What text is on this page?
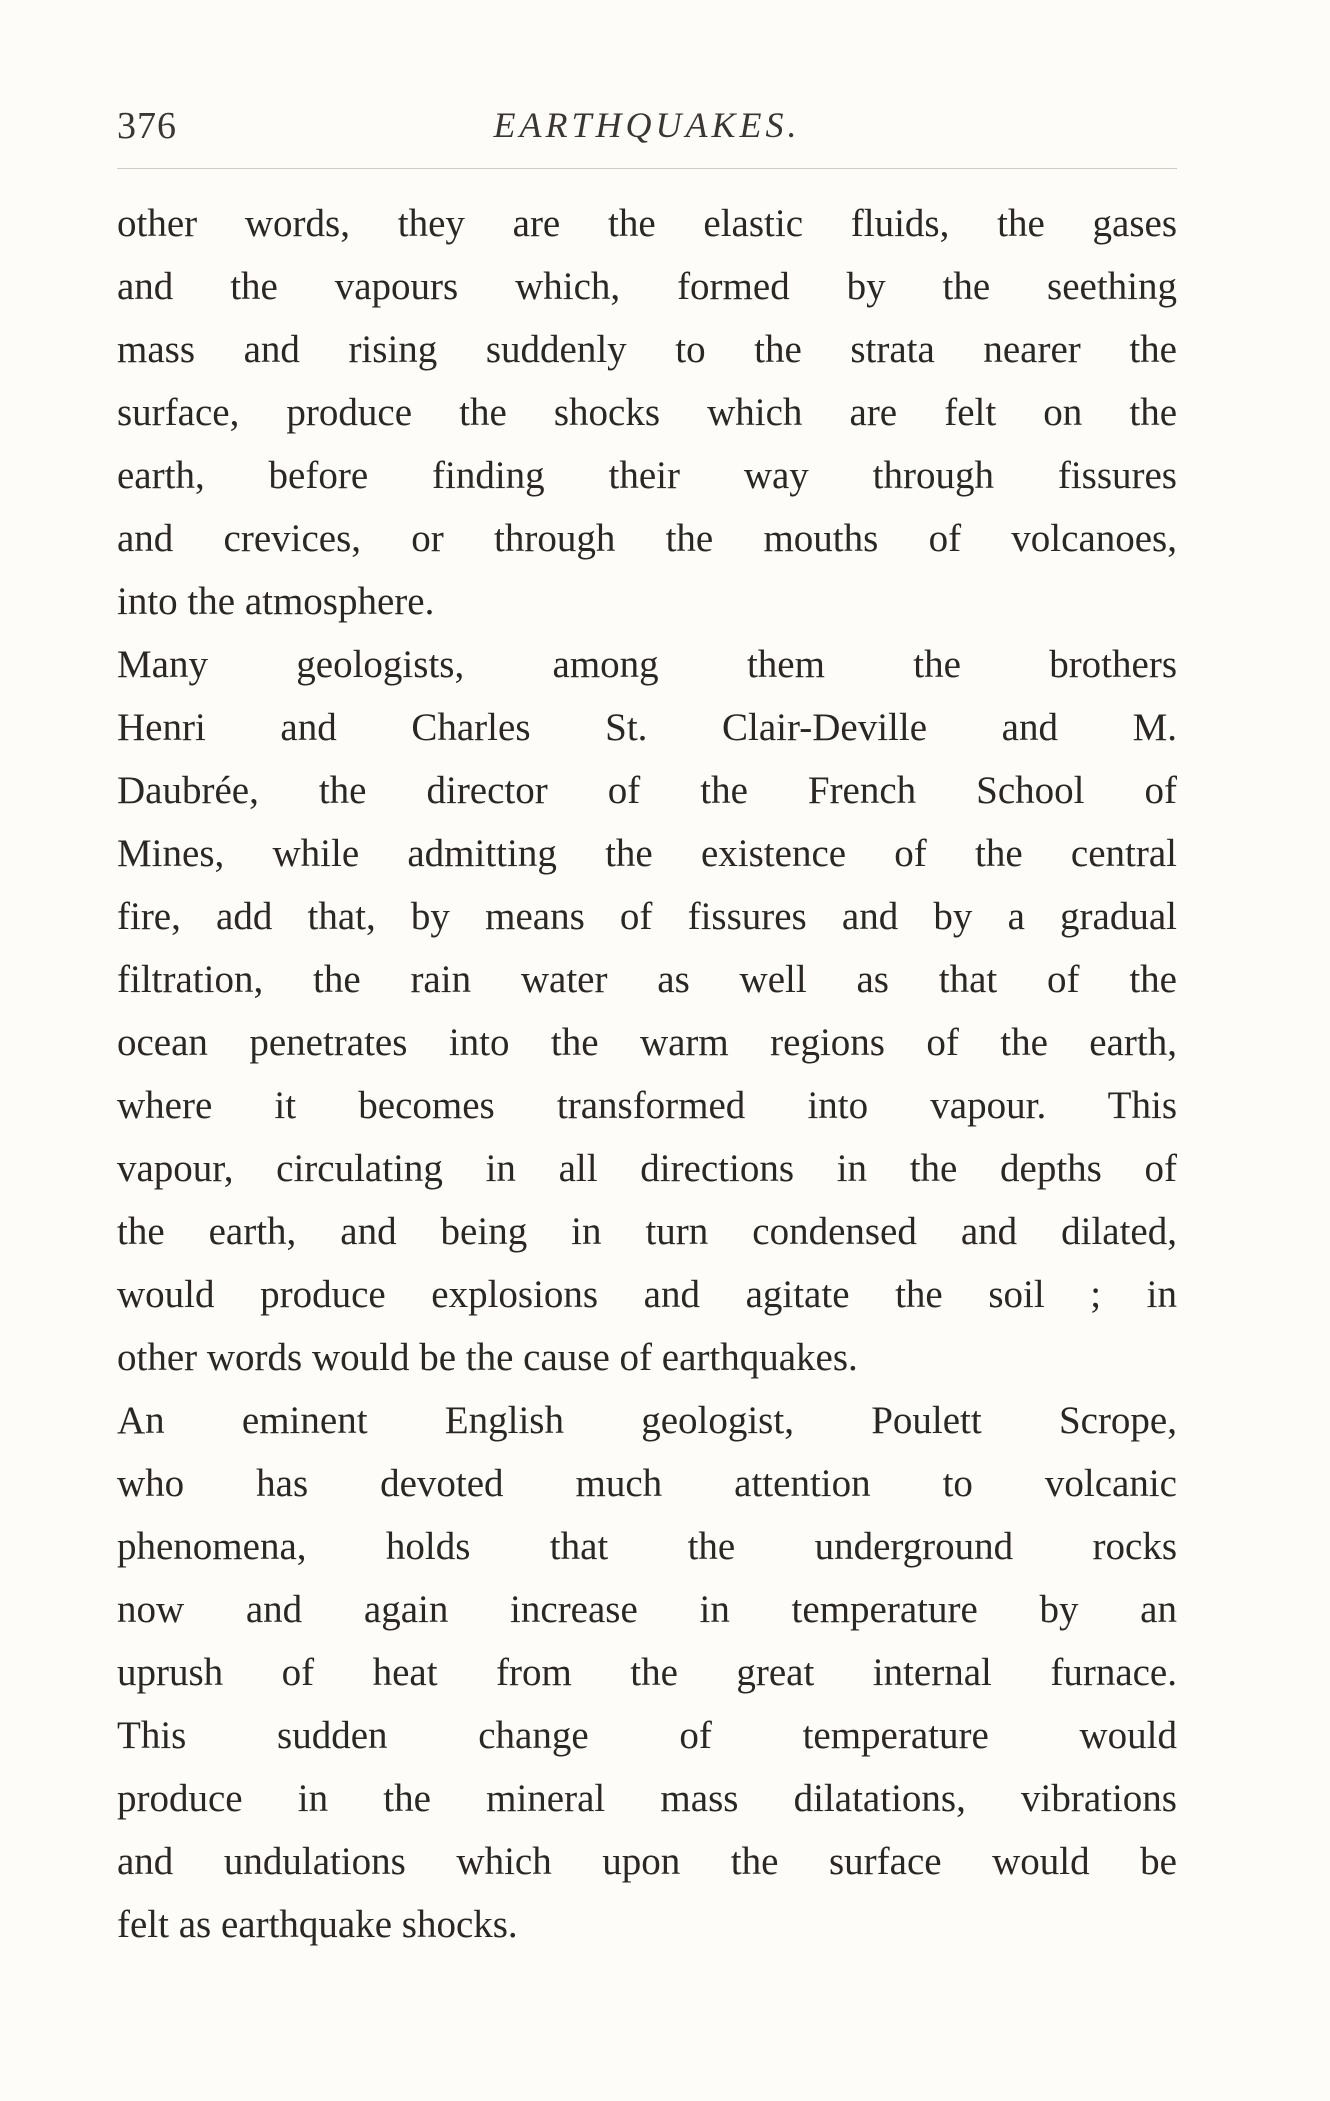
376	EARTHQUAKES.
other words, they are the elastic fluids, the gases
and the vapours which, formed by the seething
mass and rising suddenly to the strata nearer the
surface, produce the shocks which are felt on the
earth, before finding their way through fissures
and crevices, or through the mouths of volcanoes,
into the atmosphere.
Many geologists, among them the brothers
Henri and Charles St. Clair-Deville and M.
Daubrée, the director of the French School of
Mines, while admitting the existence of the central
fire, add that, by means of fissures and by a gradual
filtration, the rain water as well as that of the
ocean penetrates into the warm regions of the earth,
where it becomes transformed into vapour. This
vapour, circulating in all directions in the depths of
the earth, and being in turn condensed and dilated,
would produce explosions and agitate the soil ; in
other words would be the cause of earthquakes.
An eminent English geologist, Poulett Scrope,
who has devoted much attention to volcanic
phenomena, holds that the underground rocks
now and again increase in temperature by an
uprush of heat from the great internal furnace.
This sudden change of temperature would
produce in the mineral mass dilatations, vibrations
and undulations which upon the surface would be
felt as earthquake shocks.
